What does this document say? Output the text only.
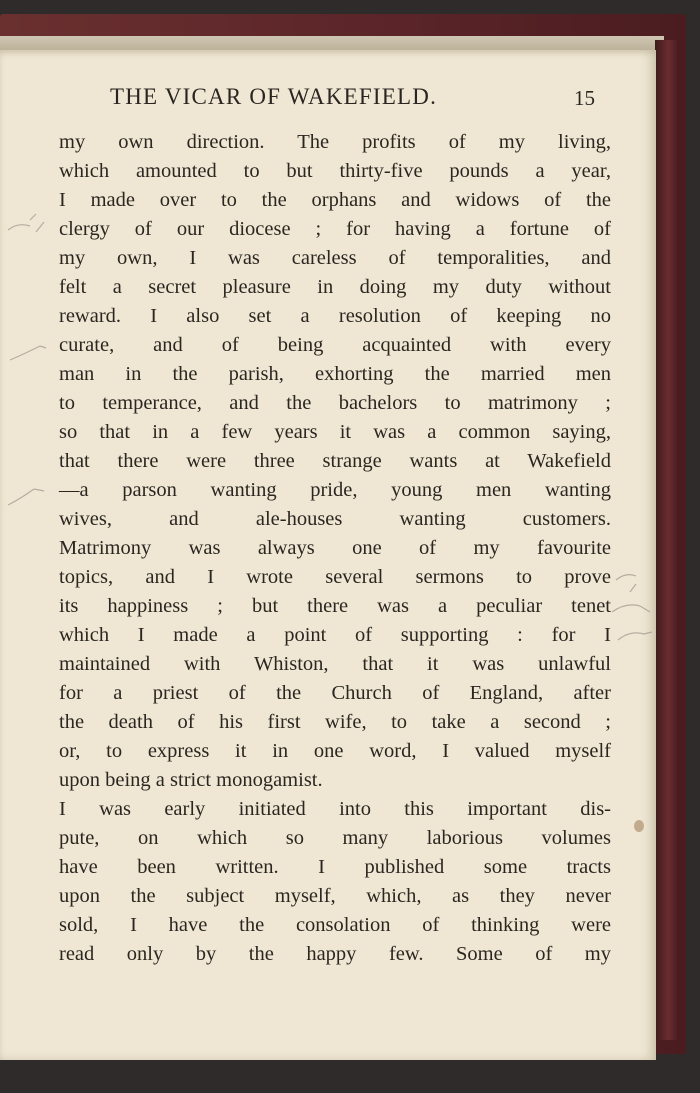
THE VICAR OF WAKEFIELD.	15
my own direction. The profits of my living,
which amounted to but thirty-five pounds a year,
I made over to the orphans and widows of the
clergy of our diocese ; for having a fortune of
my own, I was careless of temporalities, and
felt a secret pleasure in doing my duty without
reward. I also set a resolution of keeping no
curate, and of being acquainted with every
man in the parish, exhorting the married men
to temperance, and the bachelors to matrimony ;
so that in a few years it was a common saying,
that there were three strange wants at Wakefield
—a parson wanting pride, young men wanting
wives, and ale-houses wanting customers.
Matrimony was always one of my favourite
topics, and I wrote several sermons to prove
its happiness ; but there was a peculiar tenet
which I made a point of supporting : for I
maintained with Whiston, that it was unlawful
for a priest of the Church of England, after
the death of his first wife, to take a second ;
or, to express it in one word, I valued myself
upon being a strict monogamist.
I was early initiated into this important dis-
pute, on which so many laborious volumes
have been written. I published some tracts
upon the subject myself, which, as they never
sold, I have the consolation of thinking were
read only by the happy few. Some of my
